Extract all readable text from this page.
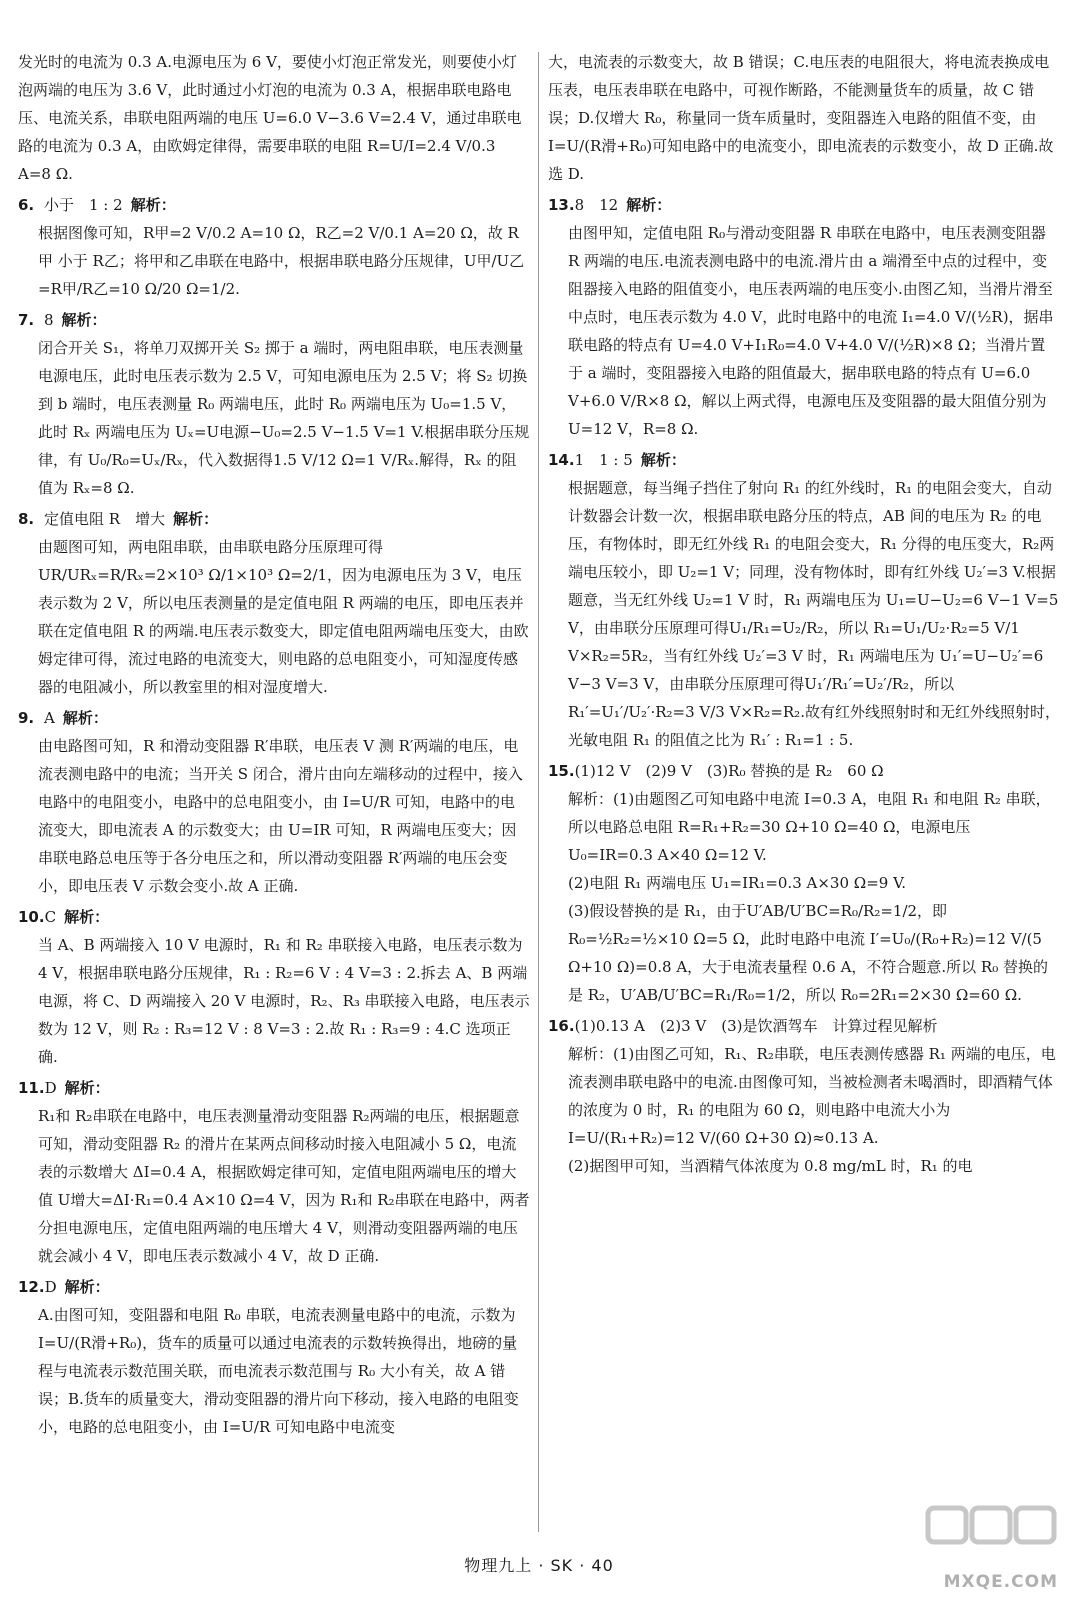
发光时的电流为 0.3 A.电源电压为 6 V，要使小灯泡正常发光，则要使小灯泡两端的电压为 3.6 V，此时通过小灯泡的电流为 0.3 A，根据串联电路电压、电流关系，串联电阻两端的电压 U=6.0 V−3.6 V=2.4 V，通过串联电路的电流为 0.3 A，由欧姆定律得，需要串联的电阻 R=U/I=2.4 V/0.3 A=8 Ω.
6. 小于　1 : 2 解析：
根据图像可知，R甲=2 V/0.2 A=10 Ω，R乙=2 V/0.1 A=20 Ω，故 R甲 小于 R乙；将甲和乙串联在电路中，根据串联电路分压规律，U甲/U乙=R甲/R乙=10 Ω/20 Ω=1/2.
7. 8 解析：
闭合开关 S₁，将单刀双掷开关 S₂ 掷于 a 端时，两电阻串联，电压表测量电源电压，此时电压表示数为 2.5 V，可知电源电压为 2.5 V；将 S₂ 切换到 b 端时，电压表测量 R₀ 两端电压，此时 R₀ 两端电压为 U₀=1.5 V，此时 Rₓ 两端电压为 Uₓ=U电源−U₀=2.5 V−1.5 V=1 V.根据串联分压规律，有 U₀/R₀=Uₓ/Rₓ，代入数据得1.5 V/12 Ω=1 V/Rₓ.解得，Rₓ 的阻值为 Rₓ=8 Ω.
8. 定值电阻 R　增大 解析：
由题图可知，两电阻串联，由串联电路分压原理可得UR/URₓ=R/Rₓ=2×10³ Ω/1×10³ Ω=2/1，因为电源电压为 3 V，电压表示数为 2 V，所以电压表测量的是定值电阻 R 两端的电压，即电压表并联在定值电阻 R 的两端.电压表示数变大，即定值电阻两端电压变大，由欧姆定律可得，流过电路的电流变大，则电路的总电阻变小，可知湿度传感器的电阻减小，所以教室里的相对湿度增大.
9. A 解析：
由电路图可知，R 和滑动变阻器 R′串联，电压表 V 测 R′两端的电压，电流表测电路中的电流；当开关 S 闭合，滑片由向左端移动的过程中，接入电路中的电阻变小，电路中的总电阻变小，由 I=U/R 可知，电路中的电流变大，即电流表 A 的示数变大；由 U=IR 可知，R 两端电压变大；因串联电路总电压等于各分电压之和，所以滑动变阻器 R′两端的电压会变小，即电压表 V 示数会变小.故 A 正确.
10.C 解析：
当 A、B 两端接入 10 V 电源时，R₁ 和 R₂ 串联接入电路，电压表示数为 4 V，根据串联电路分压规律，R₁ : R₂=6 V : 4 V=3 : 2.拆去 A、B 两端电源，将 C、D 两端接入 20 V 电源时，R₂、R₃ 串联接入电路，电压表示数为 12 V，则 R₂ : R₃=12 V : 8 V=3 : 2.故 R₁ : R₃=9 : 4.C 选项正确.
11.D 解析：
R₁和 R₂串联在电路中，电压表测量滑动变阻器 R₂两端的电压，根据题意可知，滑动变阻器 R₂ 的滑片在某两点间移动时接入电阻减小 5 Ω，电流表的示数增大 ΔI=0.4 A，根据欧姆定律可知，定值电阻两端电压的增大值 U增大=ΔI·R₁=0.4 A×10 Ω=4 V，因为 R₁和 R₂串联在电路中，两者分担电源电压，定值电阻两端的电压增大 4 V，则滑动变阻器两端的电压就会减小 4 V，即电压表示数减小 4 V，故 D 正确.
12.D 解析：
A.由图可知，变阻器和电阻 R₀ 串联，电流表测量电路中的电流，示数为 I=U/(R滑+R₀)，货车的质量可以通过电流表的示数转换得出，地磅的量程与电流表示数范围关联，而电流表示数范围与 R₀ 大小有关，故 A 错误；B.货车的质量变大，滑动变阻器的滑片向下移动，接入电路的电阻变小，电路的总电阻变小，由 I=U/R 可知电路中电流变
大，电流表的示数变大，故 B 错误；C.电压表的电阻很大，将电流表换成电压表，电压表串联在电路中，可视作断路，不能测量货车的质量，故 C 错误；D.仅增大 R₀，称量同一货车质量时，变阻器连入电路的阻值不变，由 I=U/(R滑+R₀)可知电路中的电流变小，即电流表的示数变小，故 D 正确.故选 D.
13.8　12 解析：
由图甲知，定值电阻 R₀与滑动变阻器 R 串联在电路中，电压表测变阻器 R 两端的电压.电流表测电路中的电流.滑片由 a 端滑至中点的过程中，变阻器接入电路的阻值变小，电压表两端的电压变小.由图乙知，当滑片滑至中点时，电压表示数为 4.0 V，此时电路中的电流 I₁=4.0 V/(½R)，据串联电路的特点有 U=4.0 V+I₁R₀=4.0 V+4.0 V/(½R)×8 Ω；当滑片置于 a 端时，变阻器接入电路的阻值最大，据串联电路的特点有 U=6.0 V+6.0 V/R×8 Ω，解以上两式得，电源电压及变阻器的最大阻值分别为 U=12 V，R=8 Ω.
14.1　1 : 5 解析：
根据题意，每当绳子挡住了射向 R₁ 的红外线时，R₁ 的电阻会变大，自动计数器会计数一次，根据串联电路分压的特点，AB 间的电压为 R₂ 的电压，有物体时，即无红外线 R₁ 的电阻会变大，R₁ 分得的电压变大，R₂两端电压较小，即 U₂=1 V；同理，没有物体时，即有红外线 U₂′=3 V.根据题意，当无红外线 U₂=1 V 时，R₁ 两端电压为 U₁=U−U₂=6 V−1 V=5 V，由串联分压原理可得U₁/R₁=U₂/R₂，所以 R₁=U₁/U₂·R₂=5 V/1 V×R₂=5R₂，当有红外线 U₂′=3 V 时，R₁ 两端电压为 U₁′=U−U₂′=6 V−3 V=3 V，由串联分压原理可得U₁′/R₁′=U₂′/R₂，所以 R₁′=U₁′/U₂′·R₂=3 V/3 V×R₂=R₂.故有红外线照射时和无红外线照射时，光敏电阻 R₁ 的阻值之比为 R₁′ : R₁=1 : 5.
15.(1)12 V　(2)9 V　(3)R₀ 替换的是 R₂　60 Ω
解析：(1)由题图乙可知电路中电流 I=0.3 A，电阻 R₁ 和电阻 R₂ 串联，所以电路总电阻 R=R₁+R₂=30 Ω+10 Ω=40 Ω，电源电压 U₀=IR=0.3 A×40 Ω=12 V.
(2)电阻 R₁ 两端电压 U₁=IR₁=0.3 A×30 Ω=9 V.
(3)假设替换的是 R₁，由于U′AB/U′BC=R₀/R₂=1/2，即 R₀=½R₂=½×10 Ω=5 Ω，此时电路中电流 I′=U₀/(R₀+R₂)=12 V/(5 Ω+10 Ω)=0.8 A，大于电流表量程 0.6 A，不符合题意.所以 R₀ 替换的是 R₂，U′AB/U′BC=R₁/R₀=1/2，所以 R₀=2R₁=2×30 Ω=60 Ω.
16.(1)0.13 A　(2)3 V　(3)是饮酒驾车　计算过程见解析
解析：(1)由图乙可知，R₁、R₂串联，电压表测传感器 R₁ 两端的电压，电流表测串联电路中的电流.由图像可知，当被检测者未喝酒时，即酒精气体的浓度为 0 时，R₁ 的电阻为 60 Ω，则电路中电流大小为
I=U/(R₁+R₂)=12 V/(60 Ω+30 Ω)≈0.13 A.
(2)据图甲可知，当酒精气体浓度为 0.8 mg/mL 时，R₁ 的电
物理九上 · SK · 40
MXQE.COM
